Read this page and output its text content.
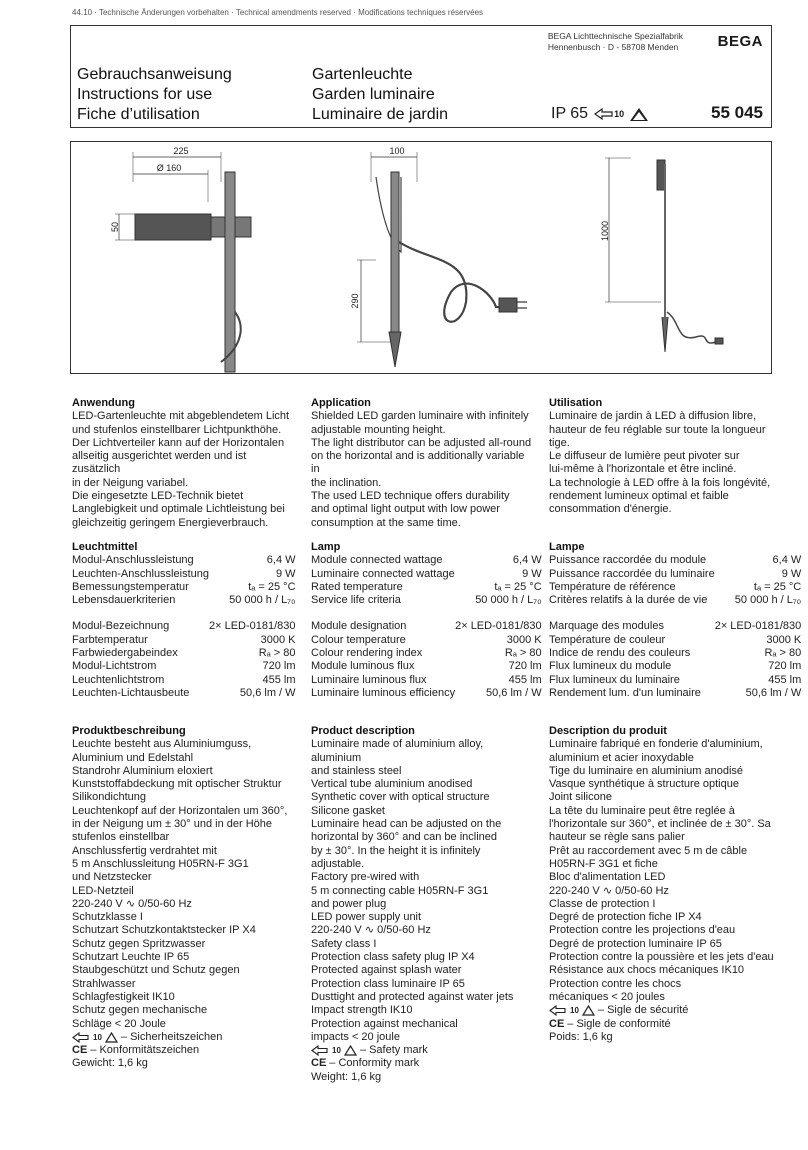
44.10 · Technische Änderungen vorbehalten · Technical amendments reserved · Modifications techniques réservées
BEGA Lichttechnische Spezialfabrik
Hennenbusch · D - 58708 Menden	BEGA
Gebrauchsanweisung
Instructions for use
Fiche d’utilisation
Gartenleuchte
Garden luminaire
Luminaire de jardin	IP 65	10	55 045
225
Ø 160
50
100
290
1000
Anwendung

LED-Gartenleuchte mit abgeblendetem Licht
und stufenlos einstellbarer Lichtpunkthöhe.
Der Lichtverteiler kann auf der Horizontalen
allseitig ausgerichtet werden und ist zusätzlich
in der Neigung variabel.
Die eingesetzte LED-Technik bietet
Langlebigkeit und optimale Lichtleistung bei
gleichzeitig geringem Energieverbrauch.

Application

Shielded LED garden luminaire with infinitely
adjustable mounting height.
The light distributor can be adjusted all-round
on the horizontal and is additionally variable in
the inclination.
The used LED technique offers durability
and optimal light output with low power
consumption at the same time.

Utilisation

Luminaire de jardin à LED à diffusion libre,
hauteur de feu réglable sur toute la longueur
tige.
Le diffuseur de lumière peut pivoter sur
lui-même à l'horizontale et être incliné.
La technologie à LED offre à la fois longévité,
rendement lumineux optimal et faible
consommation d'énergie.

Leuchtmittel
Modul-Anschlussleistung	6,4 W
Leuchten-Anschlussleistung	9 W
Bemessungstemperatur	tₐ = 25 °C
Lebensdauerkriterien	50 000 h / L₇₀

Modul-Bezeichnung	2× LED-0181/830
Farbtemperatur	3000 K
Farbwiedergabeindex	Rₐ > 80
Modul-Lichtstrom	720 lm
Leuchtenlichtstrom	455 lm
Leuchten-Lichtausbeute	50,6 lm / W
Lamp
Module connected wattage	6,4 W
Luminaire connected wattage	9 W
Rated temperature	tₐ = 25 °C
Service life criteria	50 000 h / L₇₀

Module designation	2× LED-0181/830
Colour temperature	3000 K
Colour rendering index	Rₐ > 80
Module luminous flux	720 lm
Luminaire luminous flux	455 lm
Luminaire luminous efficiency	50,6 lm / W
Lampe
Puissance raccordée du module	6,4 W
Puissance raccordée du luminaire	9 W
Température de référence	tₐ = 25 °C
Critères relatifs à la durée de vie	50 000 h / L₇₀

Marquage des modules	2× LED-0181/830
Température de couleur	3000 K
Indice de rendu des couleurs	Rₐ > 80
Flux lumineux du module	720 lm
Flux lumineux du luminaire	455 lm
Rendement lum. d'un luminaire	50,6 lm / W
Produktbeschreibung

Leuchte besteht aus Aluminiumguss,
Aluminium und Edelstahl
Standrohr Aluminium eloxiert
Kunststoffabdeckung mit optischer Struktur
Silikondichtung
Leuchtenkopf auf der Horizontalen um 360°,
in der Neigung um ± 30° und in der Höhe
stufenlos einstellbar
Anschlussfertig verdrahtet mit
5 m Anschlussleitung H05RN-F 3G1
und Netzstecker
LED-Netzteil
220-240 V ∿ 0/50-60 Hz
Schutzklasse I
Schutzart Schutzkontaktstecker IP X4
Schutz gegen Spritzwasser
Schutzart Leuchte IP 65
Staubgeschützt und Schutz gegen
Strahlwasser
Schlagfestigkeit IK10
Schutz gegen mechanische
Schläge < 20 Joule

10 – Sicherheitszeichen
CE – Konformitätszeichen

Gewicht: 1,6 kg

Product description

Luminaire made of aluminium alloy, aluminium
and stainless steel
Vertical tube aluminium anodised
Synthetic cover with optical structure
Silicone gasket
Luminaire head can be adjusted on the
horizontal by 360° and can be inclined
by ± 30°. In the height it is infinitely adjustable.
Factory pre-wired with
5 m connecting cable H05RN-F 3G1
and power plug
LED power supply unit
220-240 V ∿ 0/50-60 Hz
Safety class I
Protection class safety plug IP X4
Protected against splash water
Protection class luminaire IP 65
Dusttight and protected against water jets
Impact strength IK10
Protection against mechanical
impacts < 20 joule

10 – Safety mark
CE – Conformity mark

Weight: 1,6 kg

Description du produit

Luminaire fabriqué en fonderie d'aluminium,
aluminium et acier inoxydable
Tige du luminaire en aluminium anodisé
Vasque synthétique à structure optique
Joint silicone
La tête du luminaire peut être reglée à
l'horizontale sur 360°, et inclinée de ± 30°. Sa
hauteur se règle sans palier
Prêt au raccordement avec 5 m de câble
H05RN-F 3G1 et fiche
Bloc d'alimentation LED
220-240 V ∿ 0/50-60 Hz
Classe de protection I
Degré de protection fiche IP X4
Protection contre les projections d'eau
Degré de protection luminaire IP 65
Protection contre la poussière et les jets d'eau
Résistance aux chocs mécaniques IK10
Protection contre les chocs
mécaniques < 20 joules

10 – Sigle de sécurité
CE – Sigle de conformité

Poids: 1,6 kg
